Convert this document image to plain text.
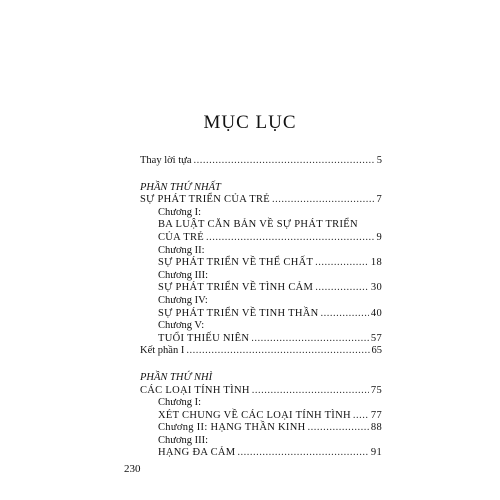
MỤC LỤC
Thay lời tựa .....	5
PHẦN THỨ NHẤT
SỰ PHÁT TRIỂN CỦA TRẺ .....	7
Chương I:
BA LUẬT CĂN BẢN VỀ SỰ PHÁT TRIỂN
CỦA TRẺ .....	9
Chương II:
SỰ PHÁT TRIỂN VỀ THỂ CHẤT .....	18
Chương III:
SỰ PHÁT TRIỂN VỀ TÌNH CẢM .....	30
Chương IV:
SỰ PHÁT TRIỂN VỀ TINH THẦN .....	40
Chương V:
TUỔI THIẾU NIÊN .....	57
Kết phần I .....	65
PHẦN THỨ NHÌ
CÁC LOẠI TÍNH TÌNH .....	75
Chương I:
XÉT CHUNG VỀ CÁC LOẠI TÍNH TÌNH ..... 77
Chương II: HẠNG THẦN KINH .....	88
Chương III:
HẠNG ĐA CẢM .....	91
230
